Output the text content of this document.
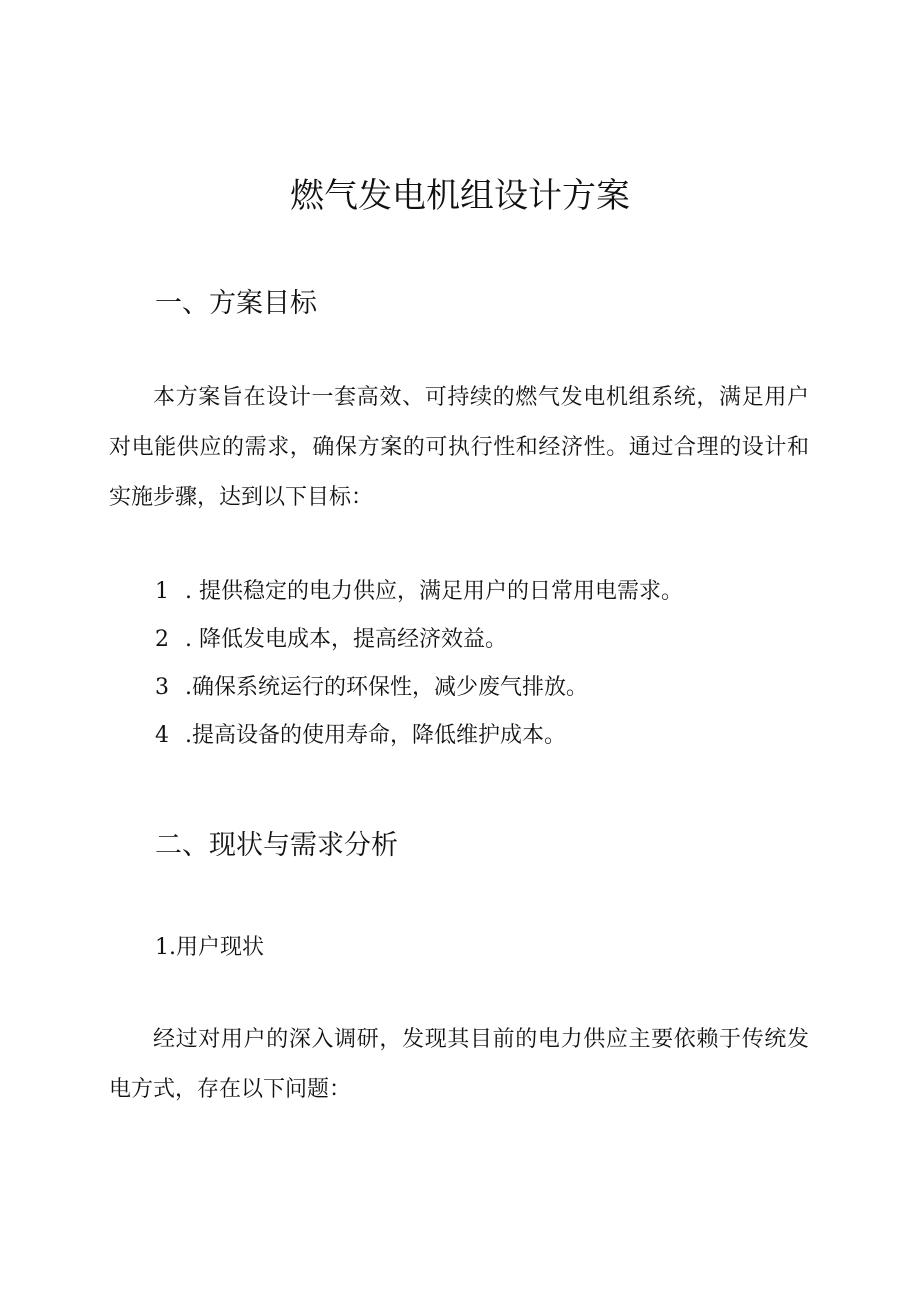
燃气发电机组设计方案
一、方案目标

本方案旨在设计一套高效、可持续的燃气发电机组系统，满足用户对电能供应的需求，确保方案的可执行性和经济性。通过合理的设计和实施步骤，达到以下目标：

1 . 提供稳定的电力供应，满足用户的日常用电需求。
2 . 降低发电成本，提高经济效益。
3 .确保系统运行的环保性，减少废气排放。
4 .提高设备的使用寿命，降低维护成本。
二、现状与需求分析
1.用户现状

经过对用户的深入调研，发现其目前的电力供应主要依赖于传统发电方式，存在以下问题：
